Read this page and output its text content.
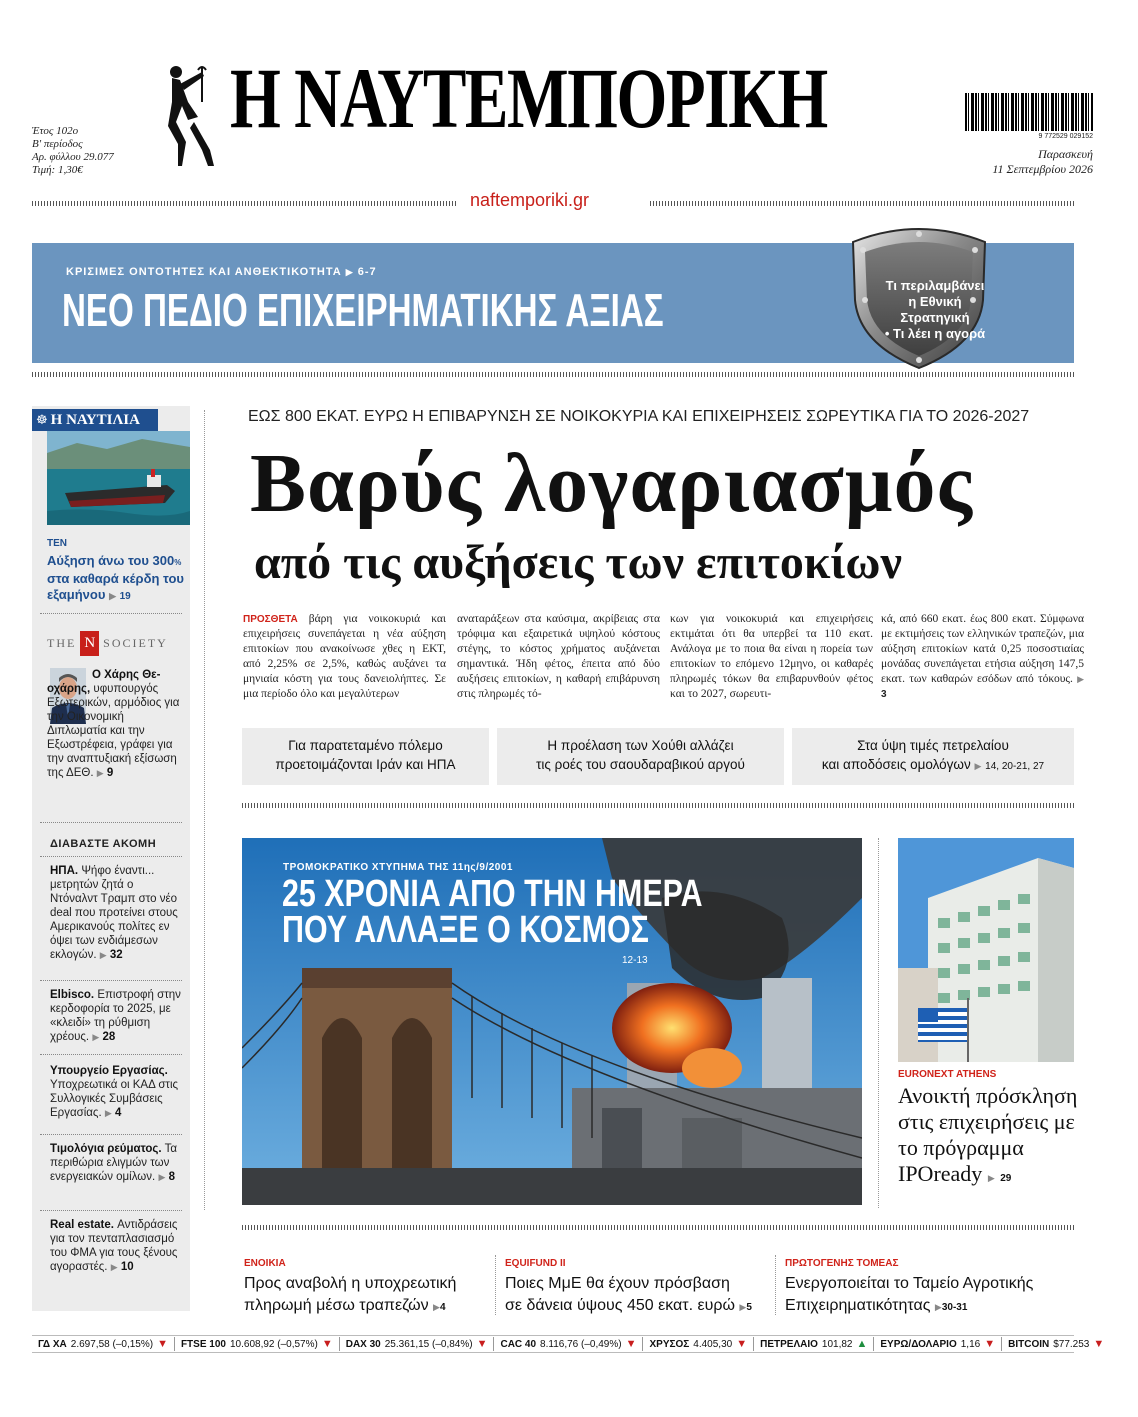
Η ΝΑΥΤΕΜΠΟΡΙΚΗ
Έτος 102ο
Β' περίοδος
Αρ. φύλλου 29.077
Τιμή: 1,30€
9 772529 029152
Παρασκευή
11 Σεπτεμβρίου 2026
naftemporiki.gr
ΚΡΙΣΙΜΕΣ ΟΝΤΟΤΗΤΕΣ ΚΑΙ ΑΝΘΕΚΤΙΚΟΤΗΤΑ ▶ 6-7
ΝΕΟ ΠΕΔΙΟ ΕΠΙΧΕΙΡΗΜΑΤΙΚΗΣ ΑΞΙΑΣ	Τι περιλαμβάνει
η Εθνική
Στρατηγική
• Τι λέει η αγορά
☸ Η ΝΑΥΤΙΛΙΑ
TEN
Αύξηση άνω του 300% στα καθαρά κέρδη του εξαμήνου ▶ 19
THE N SOCIETY
Ο Χάρης Θε-οχάρης, υφυπουργός Εξωτερικών, αρμόδιος για την Οικονομική Διπλωματία και την Εξωστρέφεια, γράφει για την αναπτυξιακή εξίσωση της ΔΕΘ. ▶ 9
ΔΙΑΒΑΣΤΕ ΑΚΟΜΗ
ΗΠΑ. Ψήφο έναντι... μετρητών ζητά ο Ντόναλντ Τραμπ στο νέο deal που προτείνει στους Αμερικανούς πολίτες εν όψει των ενδιάμεσων εκλογών. ▶ 32
Elbisco. Επιστροφή στην κερδοφορία το 2025, με «κλειδί» τη ρύθμιση χρέους. ▶ 28
Υπουργείο Εργασίας. Υποχρεωτικά οι ΚΑΔ στις Συλλογικές Συμβάσεις Εργασίας. ▶ 4
Τιμολόγια ρεύματος. Τα περιθώρια ελιγμών των ενεργειακών ομίλων. ▶ 8
Real estate. Αντιδράσεις για τον πενταπλασιασμό του ΦΜΑ για τους ξένους αγοραστές. ▶ 10
ΕΩΣ 800 ΕΚΑΤ. ΕΥΡΩ Η ΕΠΙΒΑΡΥΝΣΗ ΣΕ ΝΟΙΚΟΚΥΡΙΑ ΚΑΙ ΕΠΙΧΕΙΡΗΣΕΙΣ ΣΩΡΕΥΤΙΚΑ ΓΙΑ ΤΟ 2026-2027
Βαρύς λογαριασμός
από τις αυξήσεις των επιτοκίων
ΠΡΟΣΘΕΤΑ βάρη για νοικοκυριά και επιχειρήσεις συνεπάγεται η νέα αύξηση επιτοκίων που ανακοίνωσε χθες η ΕΚΤ, από 2,25% σε 2,5%, καθώς αυξάνει τα μηνιαία κόστη για τους δανειολήπτες. Σε μια περίοδο όλο και μεγαλύτερων
αναταράξεων στα καύσιμα, ακρίβειας στα τρόφιμα και εξαιρετικά υψηλού κόστους στέγης, το κόστος χρήματος αυξάνεται σημαντικά. Ήδη φέτος, έπειτα από δύο αυξήσεις επιτοκίων, η καθαρή επιβάρυνση στις πληρωμές τό-
κων για νοικοκυριά και επιχειρήσεις εκτιμάται ότι θα υπερβεί τα 110 εκατ. Ανάλογα με το ποια θα είναι η πορεία των επιτοκίων το επόμενο 12μηνο, οι καθαρές πληρωμές τόκων θα επιβαρυνθούν φέτος και το 2027, σωρευτι-
κά, από 660 εκατ. έως 800 εκατ. Σύμφωνα με εκτιμήσεις των ελληνικών τραπεζών, μια αύξηση επιτοκίων κατά 0,25 ποσοστιαίας μονάδας συνεπάγεται ετήσια αύξηση 147,5 εκατ. των καθαρών εσόδων από τόκους. ▶ 3
Για παρατεταμένο πόλεμο
προετοιμάζονται Ιράν και ΗΠΑ
Η προέλαση των Χούθι αλλάζει
τις ροές του σαουδαραβικού αργού
Στα ύψη τιμές πετρελαίου
και αποδόσεις ομολόγων ▶ 14, 20-21, 27
ΤΡΟΜΟΚΡΑΤΙΚΟ ΧΤΥΠΗΜΑ ΤΗΣ 11ης/9/2001
25 ΧΡΟΝΙΑ ΑΠΟ ΤΗΝ ΗΜΕΡΑ
ΠΟΥ ΑΛΛΑΞΕ Ο ΚΟΣΜΟΣ
12-13
EURONEXT ATHENS
Ανοικτή πρόσκληση στις επιχειρήσεις με το πρόγραμμα IPOready ▶ 29
ΕΝΟΙΚΙΑ
Προς αναβολή η υποχρεωτική
πληρωμή μέσω τραπεζών ▶4
EQUIFUND II
Ποιες ΜμΕ θα έχουν πρόσβαση
σε δάνεια ύψους 450 εκατ. ευρώ ▶5
ΠΡΩΤΟΓΕΝΗΣ ΤΟΜΕΑΣ
Ενεργοποιείται το Ταμείο Αγροτικής
Επιχειρηματικότητας ▶30-31
ΓΔ ΧΑ 2.697,58 (–0,15%) ▼ FTSE 100 10.608,92 (–0,57%) ▼ DAX 30 25.361,15 (–0,84%) ▼ CAC 40 8.116,76 (–0,49%) ▼ ΧΡΥΣΟΣ 4.405,30 ▼ ΠΕΤΡΕΛΑΙΟ 101,82 ▲ ΕΥΡΩ/ΔΟΛΑΡΙΟ 1,16 ▼ BITCOIN $77.253 ▼
